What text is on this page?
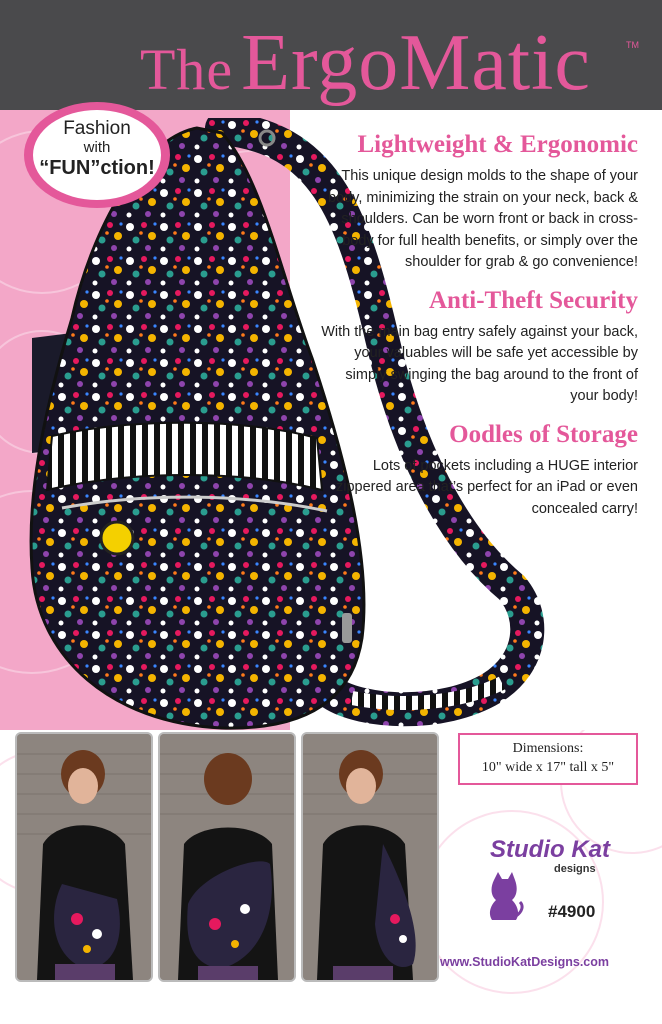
The ErgoMatic	TM
Fashion
with
“FUN”ction!
Lightweight & Ergonomic

This unique design molds to the shape of your body, minimizing the strain on your neck, back & shoulders. Can be worn front or back in cross-body for full health benefits, or simply over the shoulder for grab & go convenience!

Anti-Theft Security

With the main bag entry safely against your back, your valuables will be safe yet accessible by simply swinging the bag around to the front of your body!

Oodles of Storage

Lots of pockets including a HUGE interior zippered area that’s perfect for an iPad or even concealed carry!

Dimensions:
10" wide x 17" tall x 5"
Studio Kat
designs
#4900
www.StudioKatDesigns.com
